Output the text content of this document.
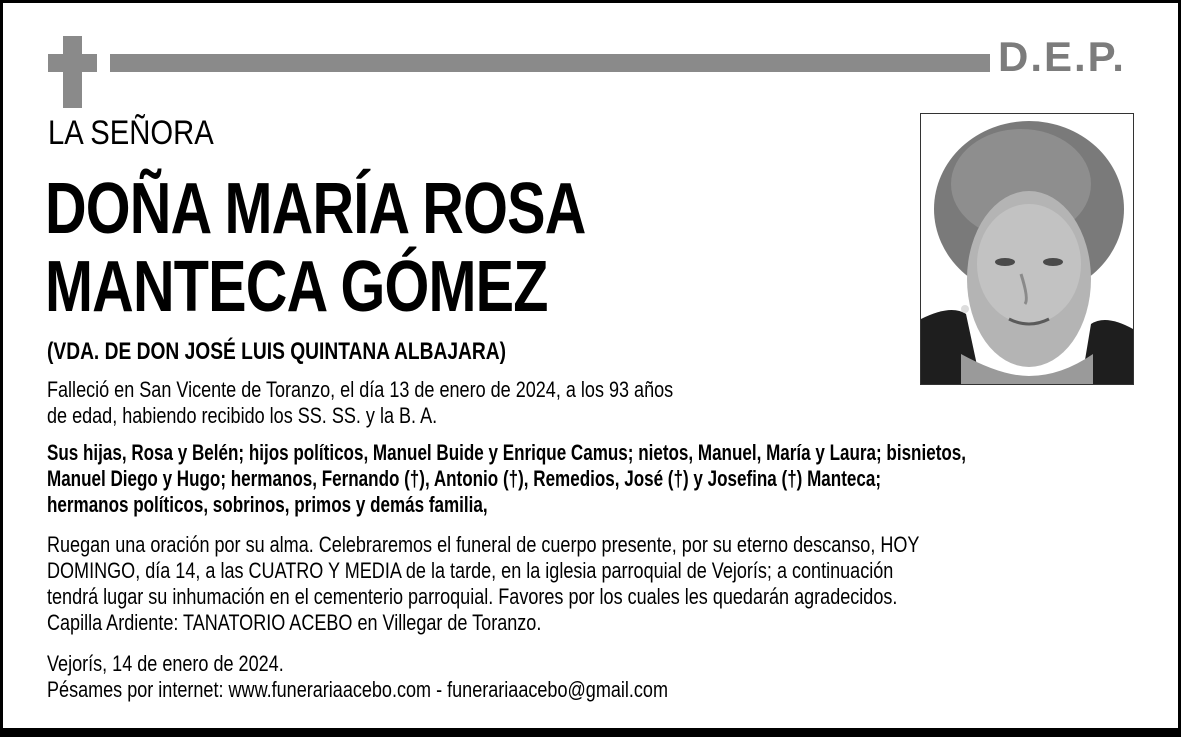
D.E.P.
LA SEÑORA
DOÑA MARÍA ROSA
MANTECA GÓMEZ
(VDA. DE DON JOSÉ LUIS QUINTANA ALBAJARA)
Falleció en San Vicente de Toranzo, el día 13 de enero de 2024, a los 93 años
de edad, habiendo recibido los SS. SS. y la B. A.
Sus hijas, Rosa y Belén; hijos políticos, Manuel Buide y Enrique Camus; nietos, Manuel, María y Laura; bisnietos,
Manuel Diego y Hugo; hermanos, Fernando (†), Antonio (†), Remedios, José (†) y Josefina (†) Manteca;
hermanos políticos, sobrinos, primos y demás familia,
Ruegan una oración por su alma. Celebraremos el funeral de cuerpo presente, por su eterno descanso, HOY
DOMINGO, día 14, a las CUATRO Y MEDIA de la tarde, en la iglesia parroquial de Vejorís; a continuación
tendrá lugar su inhumación en el cementerio parroquial. Favores por los cuales les quedarán agradecidos.
Capilla Ardiente: TANATORIO ACEBO en Villegar de Toranzo.
Vejorís, 14 de enero de 2024.
Pésames por internet: www.funerariaacebo.com - funerariaacebo@gmail.com
